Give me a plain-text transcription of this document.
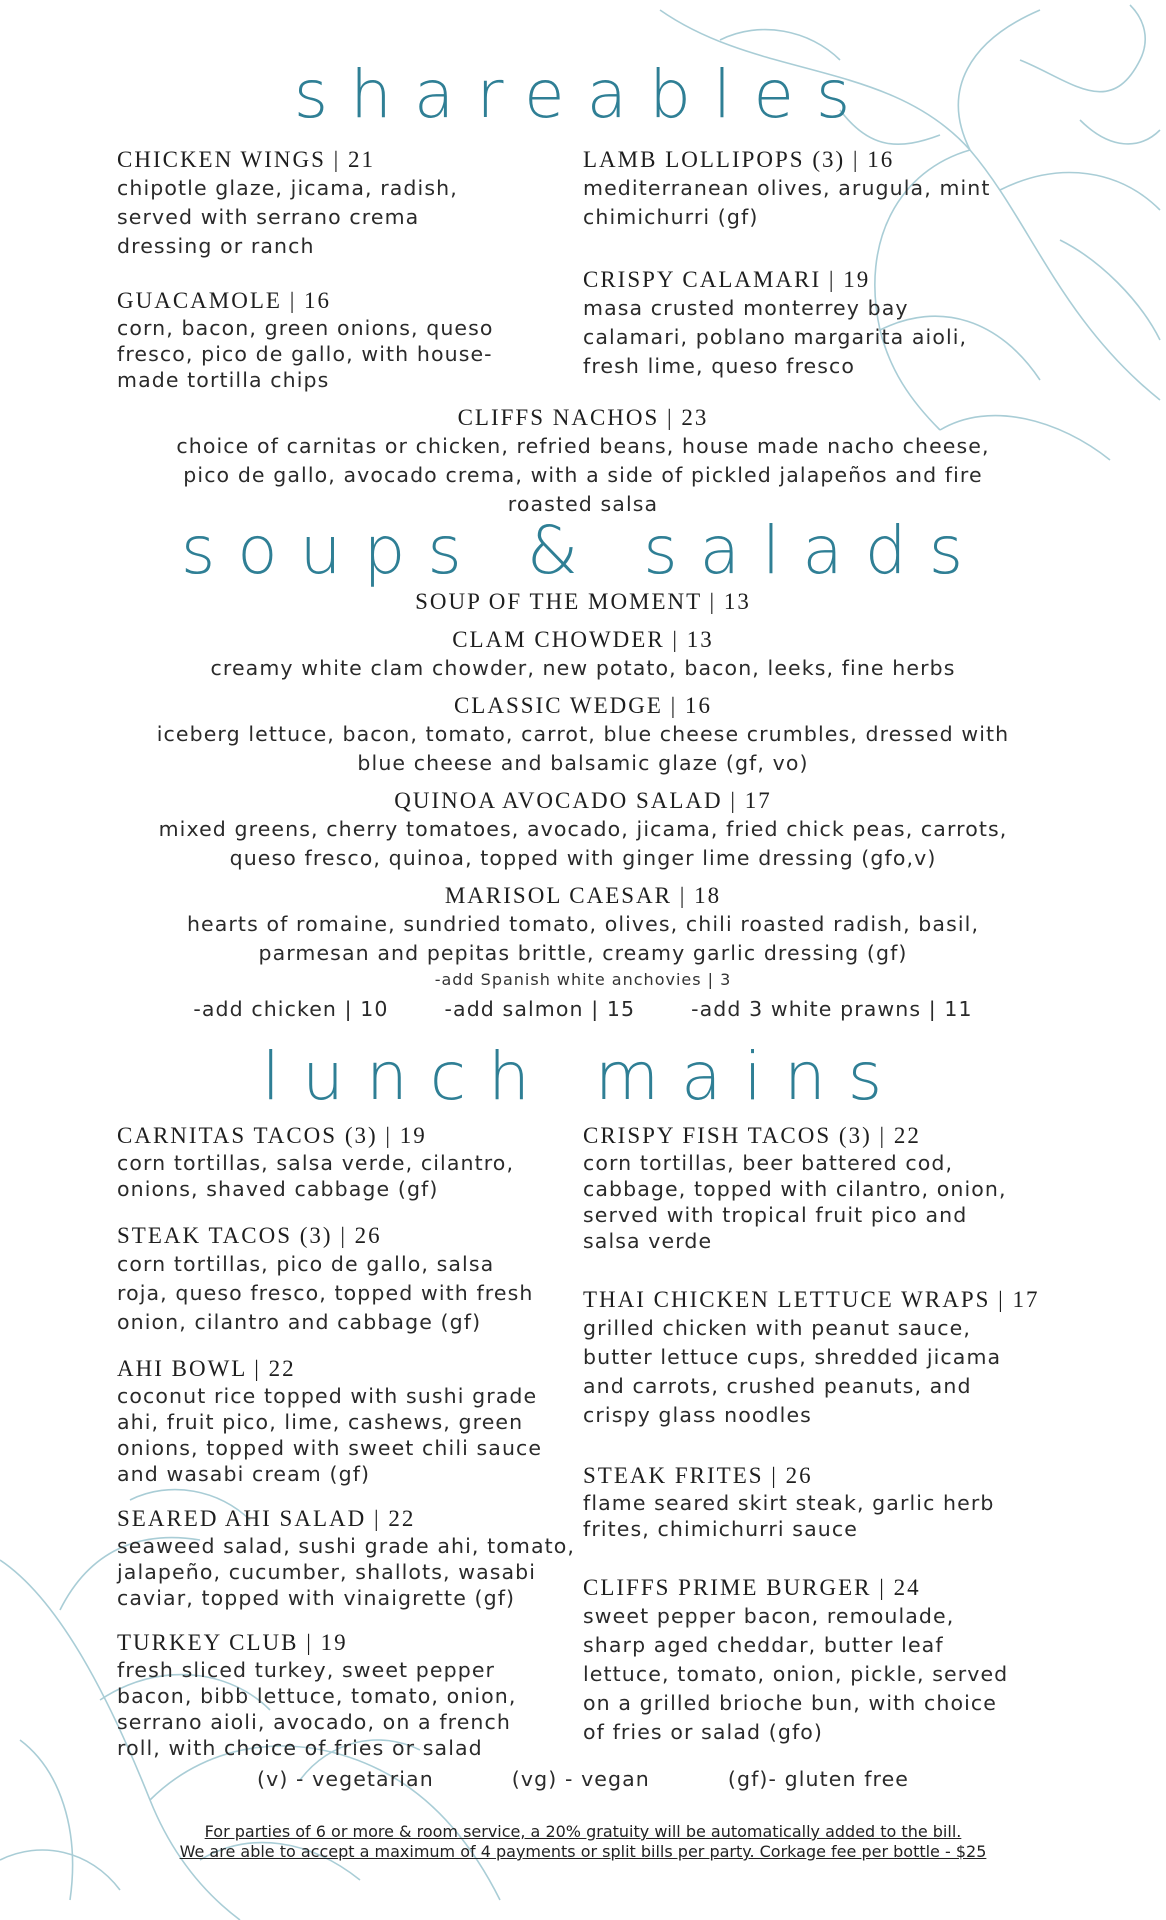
shareables
CHICKEN WINGS | 21
chipotle glaze, jicama, radish,
served with serrano crema
dressing or ranch
GUACAMOLE | 16
corn, bacon, green onions, queso
fresco, pico de gallo, with house-
made tortilla chips
LAMB LOLLIPOPS (3) | 16
mediterranean olives, arugula, mint
chimichurri (gf)
CRISPY CALAMARI | 19
masa crusted monterrey bay
calamari, poblano margarita aioli,
fresh lime, queso fresco
CLIFFS NACHOS | 23
choice of carnitas or chicken, refried beans, house made nacho cheese,
pico de gallo, avocado crema, with a side of pickled jalapeños and fire
roasted salsa
soups & salads
SOUP OF THE MOMENT | 13
CLAM CHOWDER | 13
creamy white clam chowder, new potato, bacon, leeks, fine herbs
CLASSIC WEDGE | 16
iceberg lettuce, bacon, tomato, carrot, blue cheese crumbles, dressed with
blue cheese and balsamic glaze (gf, vo)
QUINOA AVOCADO SALAD | 17
mixed greens, cherry tomatoes, avocado, jicama, fried chick peas, carrots,
queso fresco, quinoa, topped with ginger lime dressing (gfo,v)
MARISOL CAESAR | 18
hearts of romaine, sundried tomato, olives, chili roasted radish, basil,
parmesan and pepitas brittle, creamy garlic dressing (gf)
-add Spanish white anchovies | 3
-add chicken | 10	-add salmon | 15	-add 3 white prawns | 11
lunch mains
CARNITAS TACOS (3) | 19
corn tortillas, salsa verde, cilantro,
onions, shaved cabbage (gf)
STEAK TACOS (3) | 26
corn tortillas, pico de gallo, salsa
roja, queso fresco, topped with fresh
onion, cilantro and cabbage (gf)
AHI BOWL | 22
coconut rice topped with sushi grade
ahi, fruit pico, lime, cashews, green
onions, topped with sweet chili sauce
and wasabi cream (gf)
SEARED AHI SALAD | 22
seaweed salad, sushi grade ahi, tomato,
jalapeño, cucumber, shallots, wasabi
caviar, topped with vinaigrette (gf)
TURKEY CLUB | 19
fresh sliced turkey, sweet pepper
bacon, bibb lettuce, tomato, onion,
serrano aioli, avocado, on a french
roll, with choice of fries or salad
CRISPY FISH TACOS (3) | 22
corn tortillas, beer battered cod,
cabbage, topped with cilantro, onion,
served with tropical fruit pico and
salsa verde
THAI CHICKEN LETTUCE WRAPS | 17
grilled chicken with peanut sauce,
butter lettuce cups, shredded jicama
and carrots, crushed peanuts, and
crispy glass noodles
STEAK FRITES | 26
flame seared skirt steak, garlic herb
frites, chimichurri sauce
CLIFFS PRIME BURGER | 24
sweet pepper bacon, remoulade,
sharp aged cheddar, butter leaf
lettuce, tomato, onion, pickle, served
on a grilled brioche bun, with choice
of fries or salad (gfo)
(v) - vegetarian	(vg) - vegan	(gf)- gluten free
For parties of 6 or more & room service, a 20% gratuity will be automatically added to the bill.
We are able to accept a maximum of 4 payments or split bills per party. Corkage fee per bottle - $25
